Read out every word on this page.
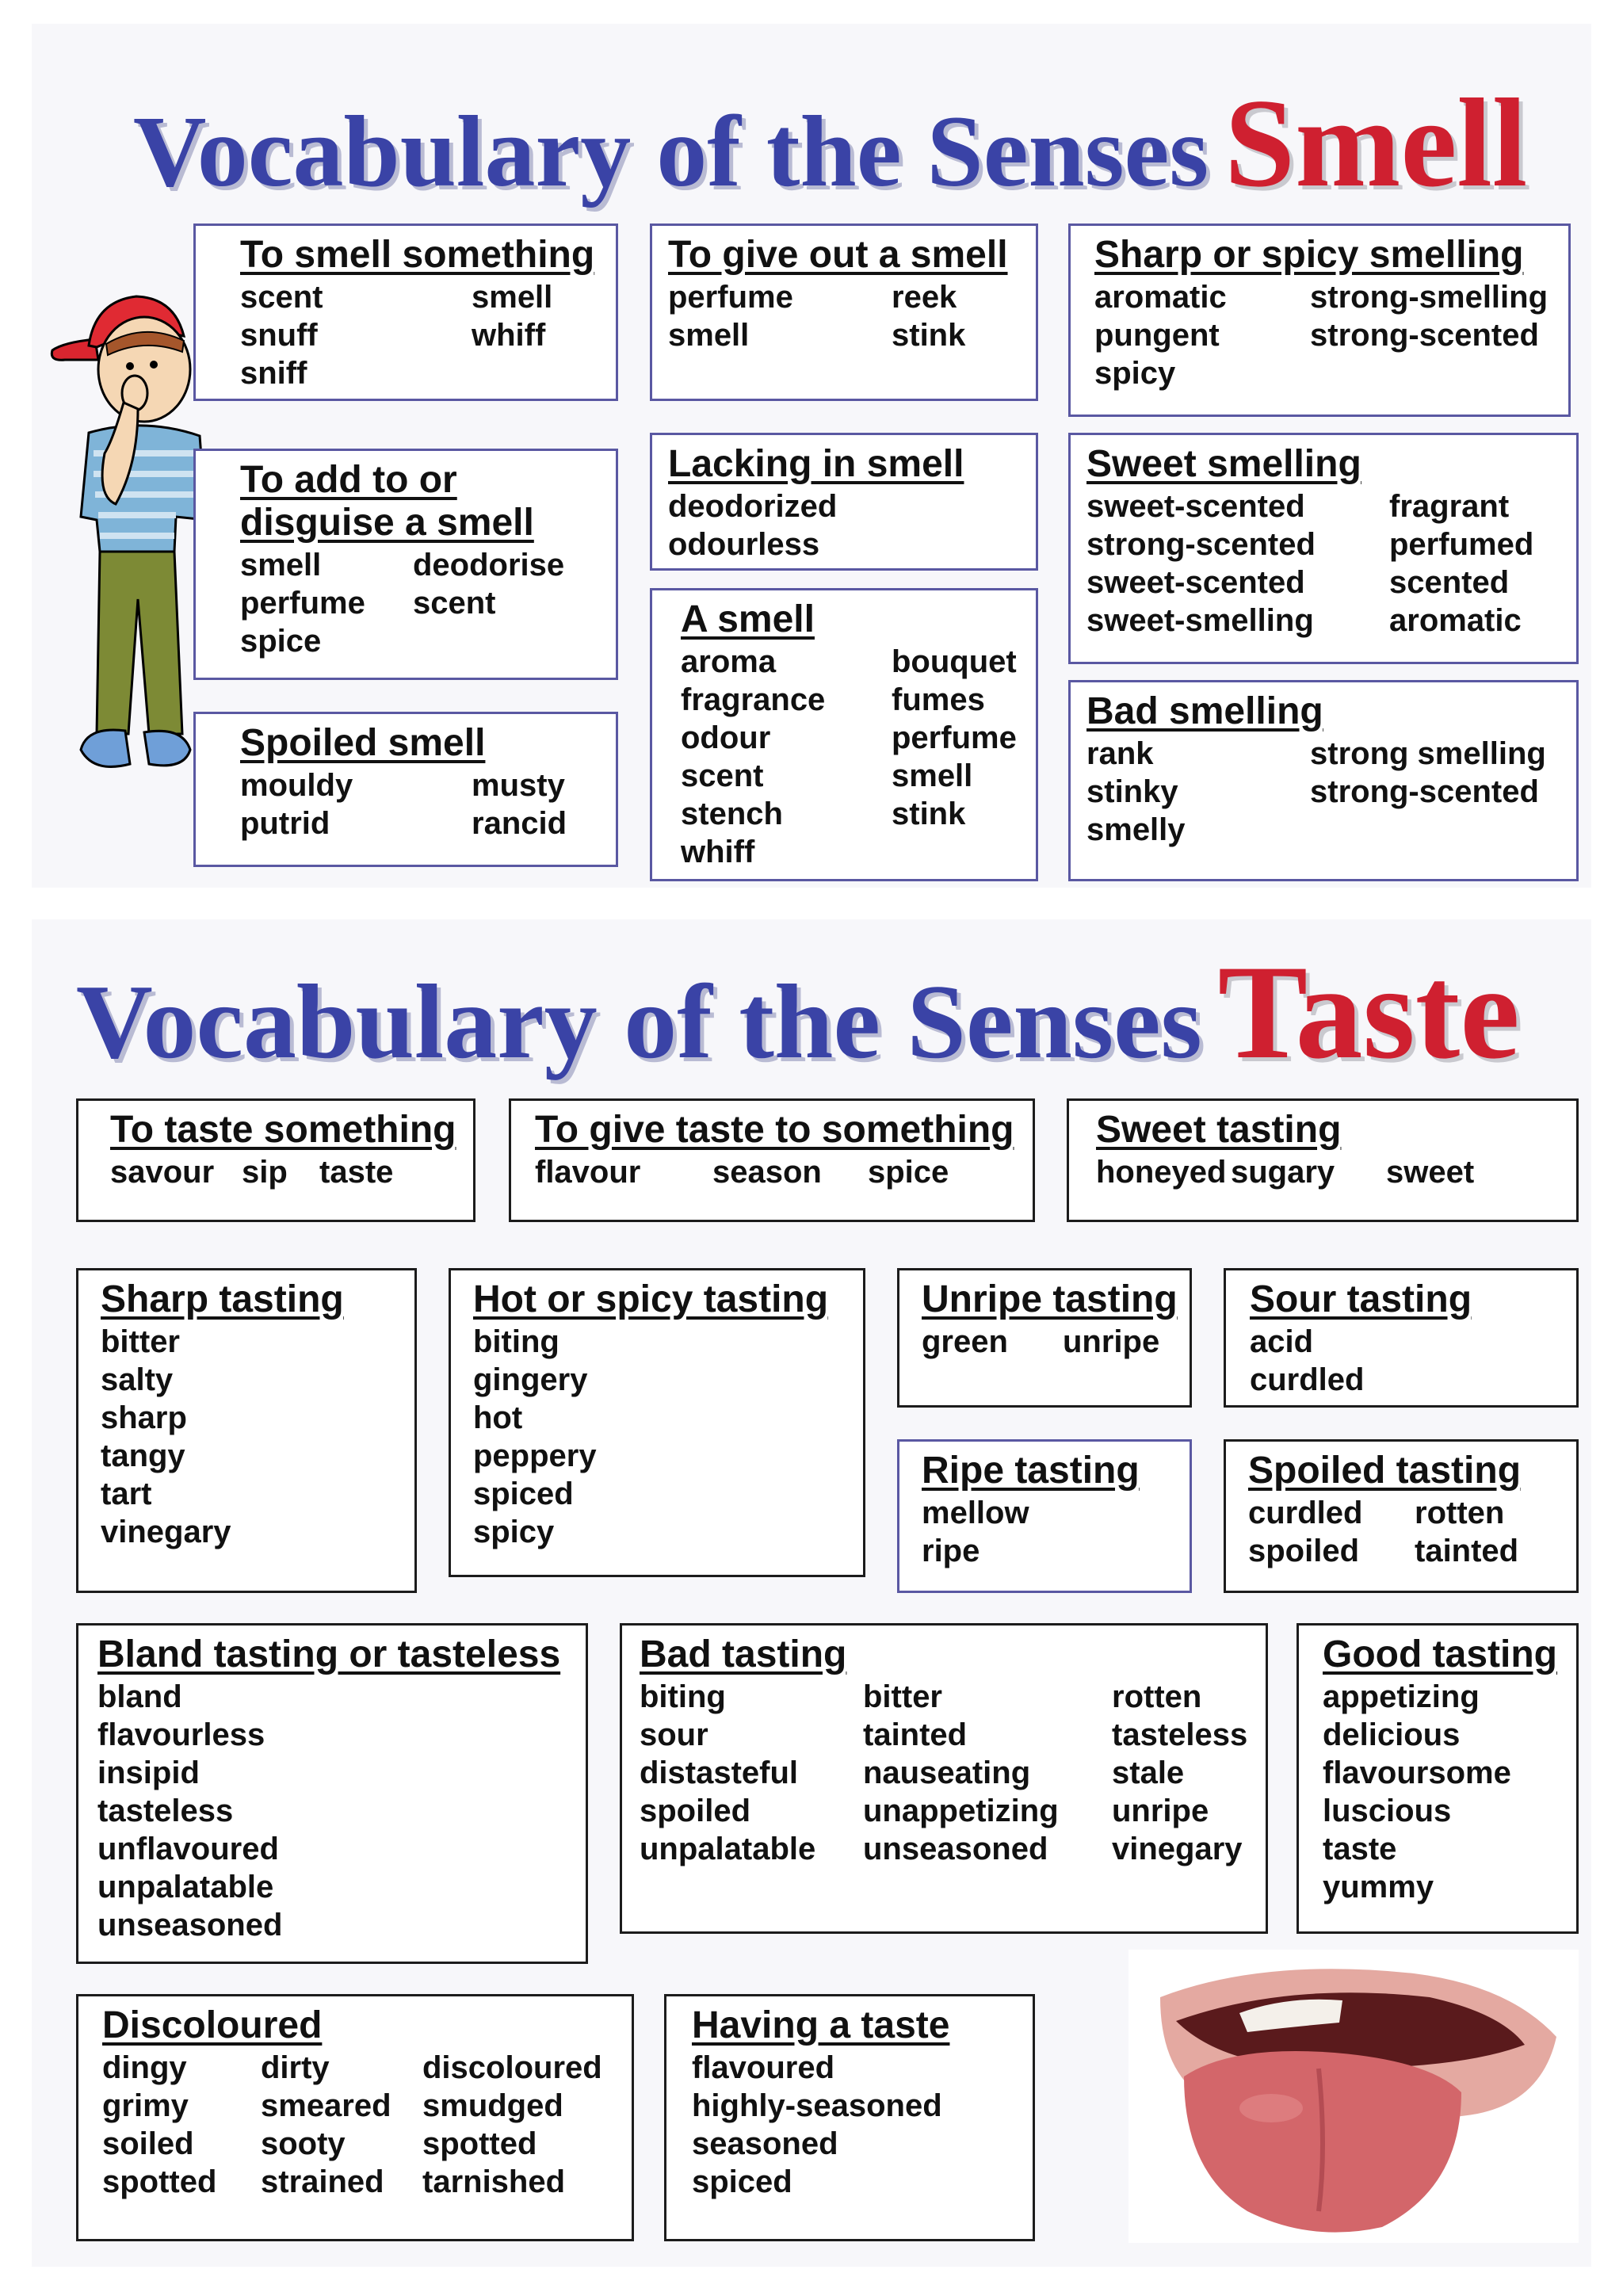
Vocabulary of the Senses Smell
To smell something
scent
snuff
sniff
smell
whiff
To give out a smell
perfume
smell
reek
stink
Sharp or spicy smelling
aromatic
pungent
spicy
strong-smelling
strong-scented
To add to or
disguise a smell
smell
perfume
spice
deodorise
scent
Lacking in smell
deodorized
odourless
Sweet smelling
sweet-scented
strong-scented
sweet-scented
sweet-smelling
fragrant
perfumed
scented
aromatic
A smell
aroma
fragrance
odour
scent
stench
whiff
bouquet
fumes
perfume
smell
stink
Bad smelling
rank
stinky
smelly
strong smelling
strong-scented
Spoiled smell
mouldy
putrid
musty
rancid
Vocabulary of the Senses Taste
To taste something
savour sip taste
To give taste to something
flavour season spice
Sweet tasting
honeyed sugary sweet
Sharp tasting
bitter
salty
sharp
tangy
tart
vinegary
Hot or spicy tasting
biting
gingery
hot
peppery
spiced
spicy
Unripe tasting
green unripe
Sour tasting
acid
curdled
Ripe tasting
mellow
ripe
Spoiled tasting
curdled
spoiled
rotten
tainted
Bland tasting or tasteless
bland
flavourless
insipid
tasteless
unflavoured
unpalatable
unseasoned
Bad tasting
biting
sour
distasteful
spoiled
unpalatable
bitter
tainted
nauseating
unappetizing
unseasoned
rotten
tasteless
stale
unripe
vinegary
Good tasting
appetizing
delicious
flavoursome
luscious
taste
yummy
Discoloured
dingy
grimy
soiled
spotted
dirty
smeared
sooty
strained
discoloured
smudged
spotted
tarnished
Having a taste
flavoured
highly-seasoned
seasoned
spiced
